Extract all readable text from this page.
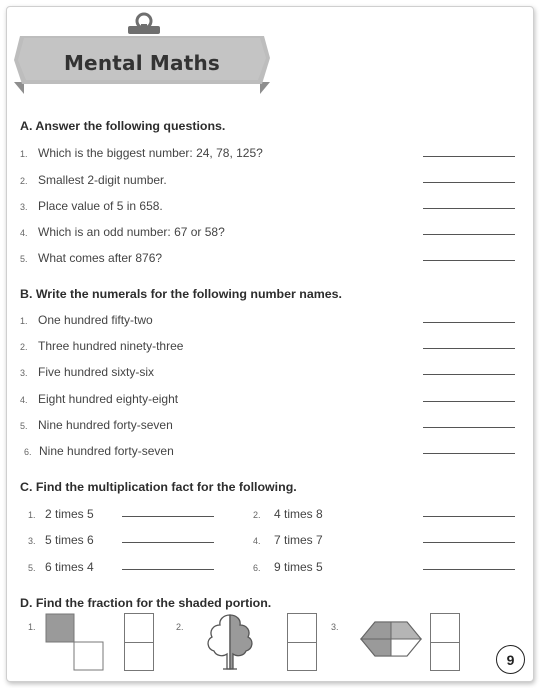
Mental Maths
A. Answer the following questions.
1. Which is the biggest number: 24, 78, 125?
2. Smallest 2-digit number.
3. Place value of 5 in 658.
4. Which is an odd number: 67 or 58?
5. What comes after 876?
B. Write the numerals for the following number names.
1. One hundred fifty-two
2. Three hundred ninety-three
3. Five hundred sixty-six
4. Eight hundred eighty-eight
5. Nine hundred forty-seven
6. Nine hundred forty-seven
C. Find the multiplication fact for the following.
1. 2 times 5	2. 4 times 8
3. 5 times 6	4. 7 times 7
5. 6 times 4	6. 9 times 5
D. Find the fraction for the shaded portion.
1.	2.	3.
9
